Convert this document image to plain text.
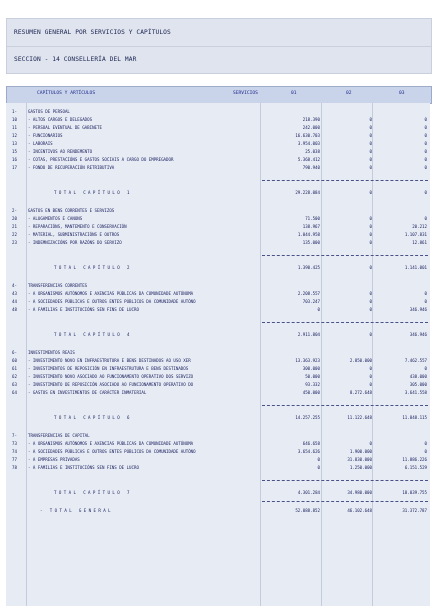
RESUMEN GENERAL POR SERVICIOS Y CAPÍTULOS
SECCION - 14 CONSELLERÍA DEL MAR
CAPÍTULOS Y ARTÍCULOS	SERVICIOS	01	02	03
1-	GASTOS DE PERSOAL
10	- ALTOS CARGOS E DELEGADOS	218.390	0	0
11	- PERSOAL EVENTUAL DE GABINETE	242.000	0	0
12	- FUNCIONARIOS	16.630.703	0	0
13	- LABORAIS	3.954.003	0	0
15	- INCENTIVOS AO RENDEMENTO	25.038	0	0
16	- COTAS, PRESTACIÓNS E GASTOS SOCIAIS A CARGO DO EMPREGADOR	5.368.412	0	0
17	- FONDO DE RECUPERACIÓN RETRIBUTIVA	790.940	0	0
TOTAL CAPÍTULO 1	29.228.084	0	0
2-	GASTOS EN BENS CORRENTES E SERVIZOS
20	- ALUGAMENTOS E CANONS	71.500	0	0
21	- REPARACIÓNS, MANTEMENTO E CONSERVACIÓN	138.967	0	20.212
22	- MATERIAL, SUBMINISTRACIÓNS E OUTROS	1.044.958	0	1.107.831
23	- INDEMNIZACIÓNS POR RAZÓNS DO SERVIZO	135.000	0	12.861
TOTAL CAPÍTULO 2	1.390.425	0	1.141.001
4-	TRANSFERENCIAS CORRENTES
43	- A ORGANISMOS AUTÓNOMOS E AXENCIAS PÚBLICAS DA COMUNIDADE AUTÓNOMA	2.208.557	0	0
44	- A SOCIEDADES PÚBLICAS E OUTROS ENTES PÚBLICOS DA COMUNIDADE AUTÓNO	703.247	0	0
48	- A FAMILIAS E INSTITUCIÓNS SEN FINS DE LUCRO	0	0	346.946
TOTAL CAPÍTULO 4	2.911.804	0	346.946
6-	INVESTIMENTOS REAIS
60	- INVESTIMENTO NOVO EN INFRAESTRUTURA E BENS DESTINADOS AO USO XER	13.363.923	2.850.000	7.462.557
61	- INVESTIMENTOS DE REPOSICIÓN EN INFRAESTRUTURA E BENS DESTINADOS	300.000	0	0
62	- INVESTIMENTO NOVO ASOCIADO AO FUNCIONAMENTO OPERATIVO DOS SERVIZO	50.000	0	438.000
63	- INVESTIMENTO DE REPOSICIÓN ASOCIADO AO FUNCIONAMENTO OPERATIVO DO	93.332	0	305.000
64	- GASTOS EN INVESTIMENTOS DE CARÁCTER INMATERIAL	450.000	8.272.648	3.641.558
TOTAL CAPÍTULO 6	14.257.255	11.122.648	11.848.115
7-	TRANSFERENCIAS DE CAPITAL
73	- A ORGANISMOS AUTÓNOMOS E AXENCIAS PÚBLICAS DA COMUNIDADE AUTÓNOMA	646.658	0	0
74	- A SOCIEDADES PÚBLICAS E OUTROS ENTES PÚBLICOS DA COMUNIDADE AUTÓNO	3.654.626	1.900.000	0
77	- A EMPRESAS PRIVADAS	0	31.830.000	11.886.226
78	- A FAMILIAS E INSTITUCIÓNS SEN FINS DE LUCRO	0	1.250.000	6.151.529
TOTAL CAPÍTULO 7	4.301.284	34.980.000	18.039.755
- TOTAL GENERAL	52.088.852	46.102.648	31.372.787
